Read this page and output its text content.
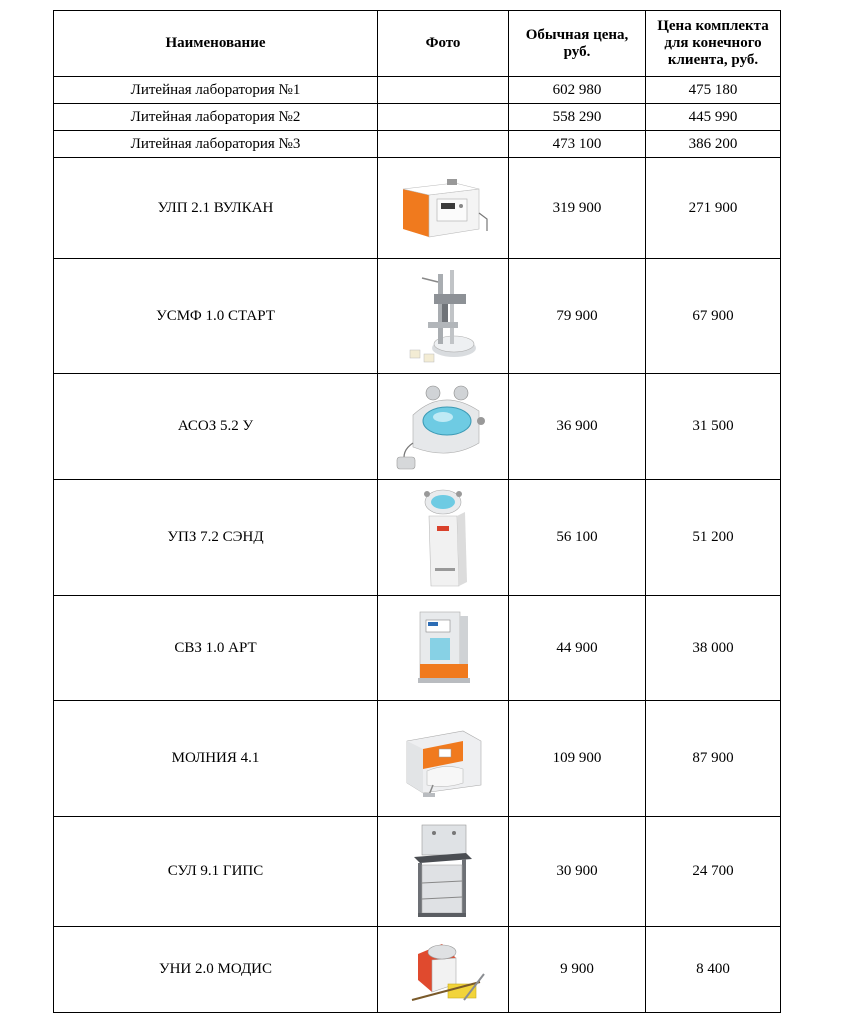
Наименование	Фото	Обычная цена, руб.	Цена комплекта для конечного клиента, руб.
Литейная лаборатория №1		602 980	475 180
Литейная лаборатория №2		558 290	445 990
Литейная лаборатория №3		473 100	386 200
УЛП 2.1 ВУЛКАН		319 900	271 900
УСМФ 1.0 СТАРТ		79 900	67 900
АСОЗ 5.2 У		36 900	31 500
УПЗ 7.2 СЭНД		56 100	51 200
СВЗ 1.0 АРТ		44 900	38 000
МОЛНИЯ 4.1		109 900	87 900
СУЛ 9.1 ГИПС		30 900	24 700
УНИ 2.0 МОДИС		9 900	8 400
